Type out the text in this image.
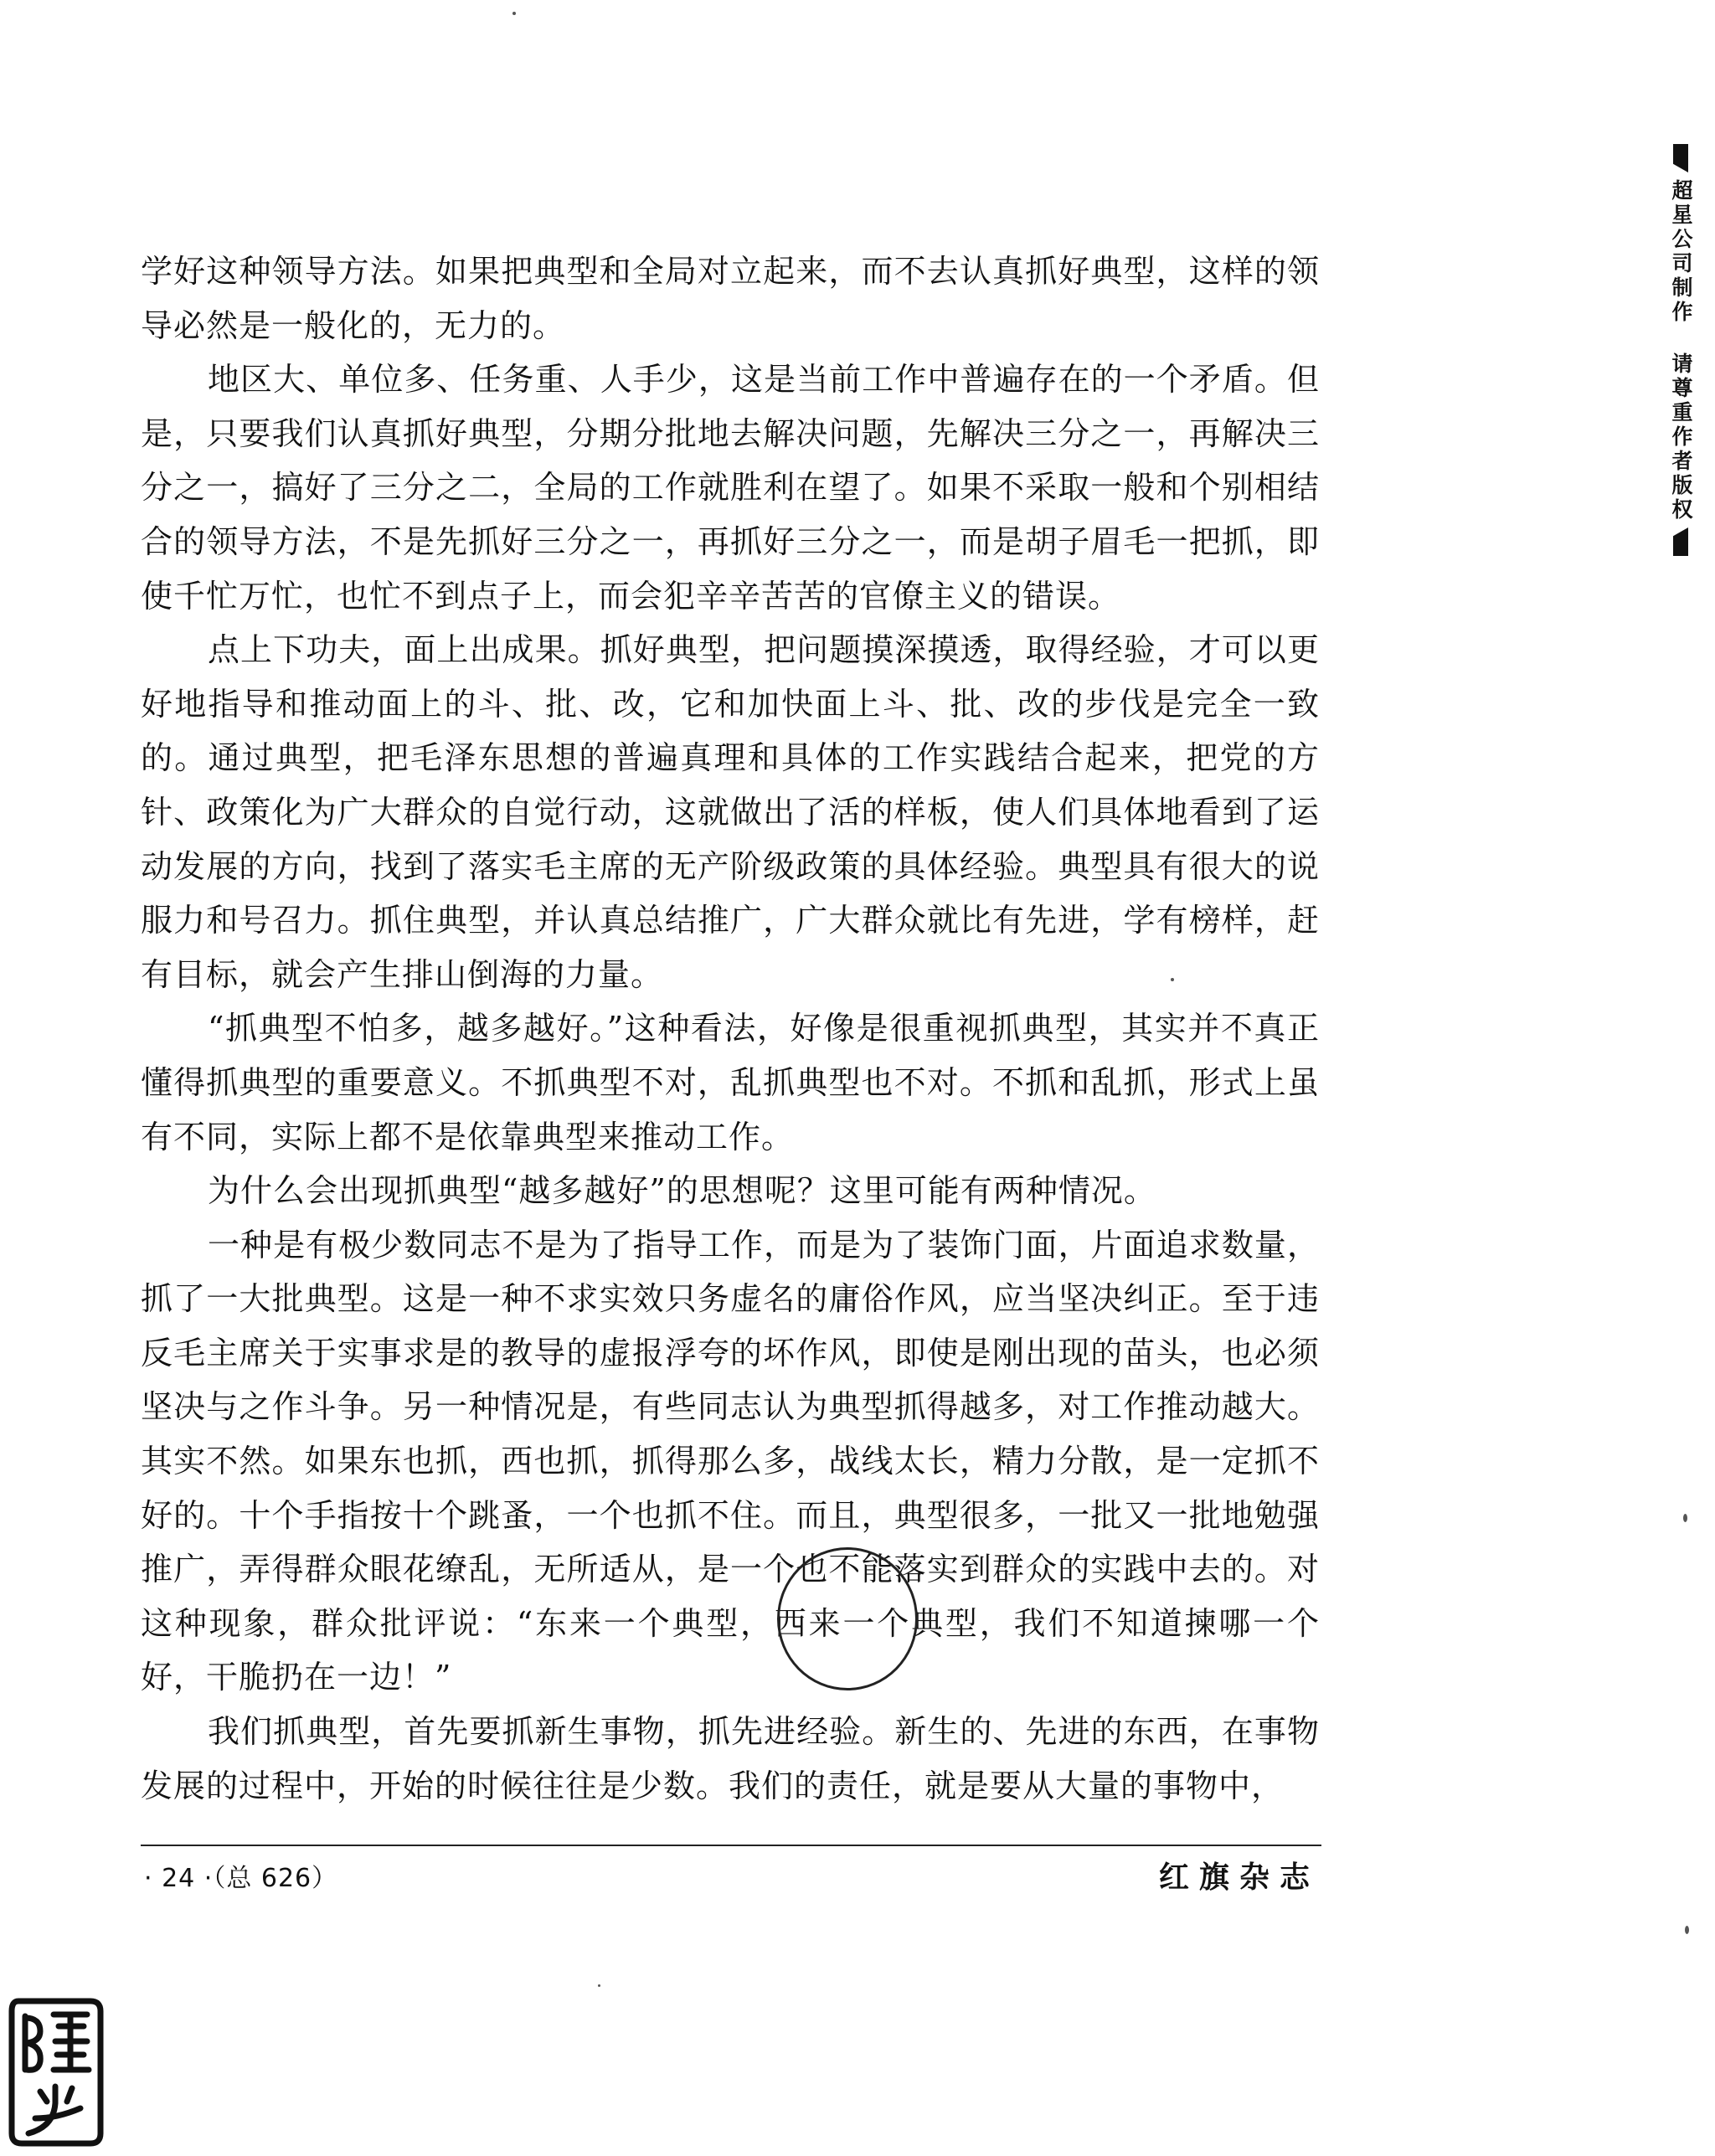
学好这种领导方法。如果把典型和全局对立起来，而不去认真抓好典型，这样的领导必然是一般化的，无力的。

地区大、单位多、任务重、人手少，这是当前工作中普遍存在的一个矛盾。但是，只要我们认真抓好典型，分期分批地去解决问题，先解决三分之一，再解决三分之一，搞好了三分之二，全局的工作就胜利在望了。如果不采取一般和个别相结合的领导方法，不是先抓好三分之一，再抓好三分之一，而是胡子眉毛一把抓，即使千忙万忙，也忙不到点子上，而会犯辛辛苦苦的官僚主义的错误。

点上下功夫，面上出成果。抓好典型，把问题摸深摸透，取得经验，才可以更好地指导和推动面上的斗、批、改，它和加快面上斗、批、改的步伐是完全一致的。通过典型，把毛泽东思想的普遍真理和具体的工作实践结合起来，把党的方针、政策化为广大群众的自觉行动，这就做出了活的样板，使人们具体地看到了运动发展的方向，找到了落实毛主席的无产阶级政策的具体经验。典型具有很大的说服力和号召力。抓住典型，并认真总结推广，广大群众就比有先进，学有榜样，赶有目标，就会产生排山倒海的力量。

“抓典型不怕多，越多越好。”这种看法，好像是很重视抓典型，其实并不真正懂得抓典型的重要意义。不抓典型不对，乱抓典型也不对。不抓和乱抓，形式上虽有不同，实际上都不是依靠典型来推动工作。

为什么会出现抓典型“越多越好”的思想呢？这里可能有两种情况。

一种是有极少数同志不是为了指导工作，而是为了装饰门面，片面追求数量，抓了一大批典型。这是一种不求实效只务虚名的庸俗作风，应当坚决纠正。至于违反毛主席关于实事求是的教导的虚报浮夸的坏作风，即使是刚出现的苗头，也必须坚决与之作斗争。另一种情况是，有些同志认为典型抓得越多，对工作推动越大。其实不然。如果东也抓，西也抓，抓得那么多，战线太长，精力分散，是一定抓不好的。十个手指按十个跳蚤，一个也抓不住。而且，典型很多，一批又一批地勉强推广，弄得群众眼花缭乱，无所适从，是一个也不能落实到群众的实践中去的。对这种现象，群众批评说：“东来一个典型，西来一个典型，我们不知道揀哪一个好，干脆扔在一边！”

我们抓典型，首先要抓新生事物，抓先进经验。新生的、先进的东西，在事物发展的过程中，开始的时候往往是少数。我们的责任，就是要从大量的事物中，

· 24 ·（总 626）	红旗杂志
超星公司制作 请尊重作者版权
